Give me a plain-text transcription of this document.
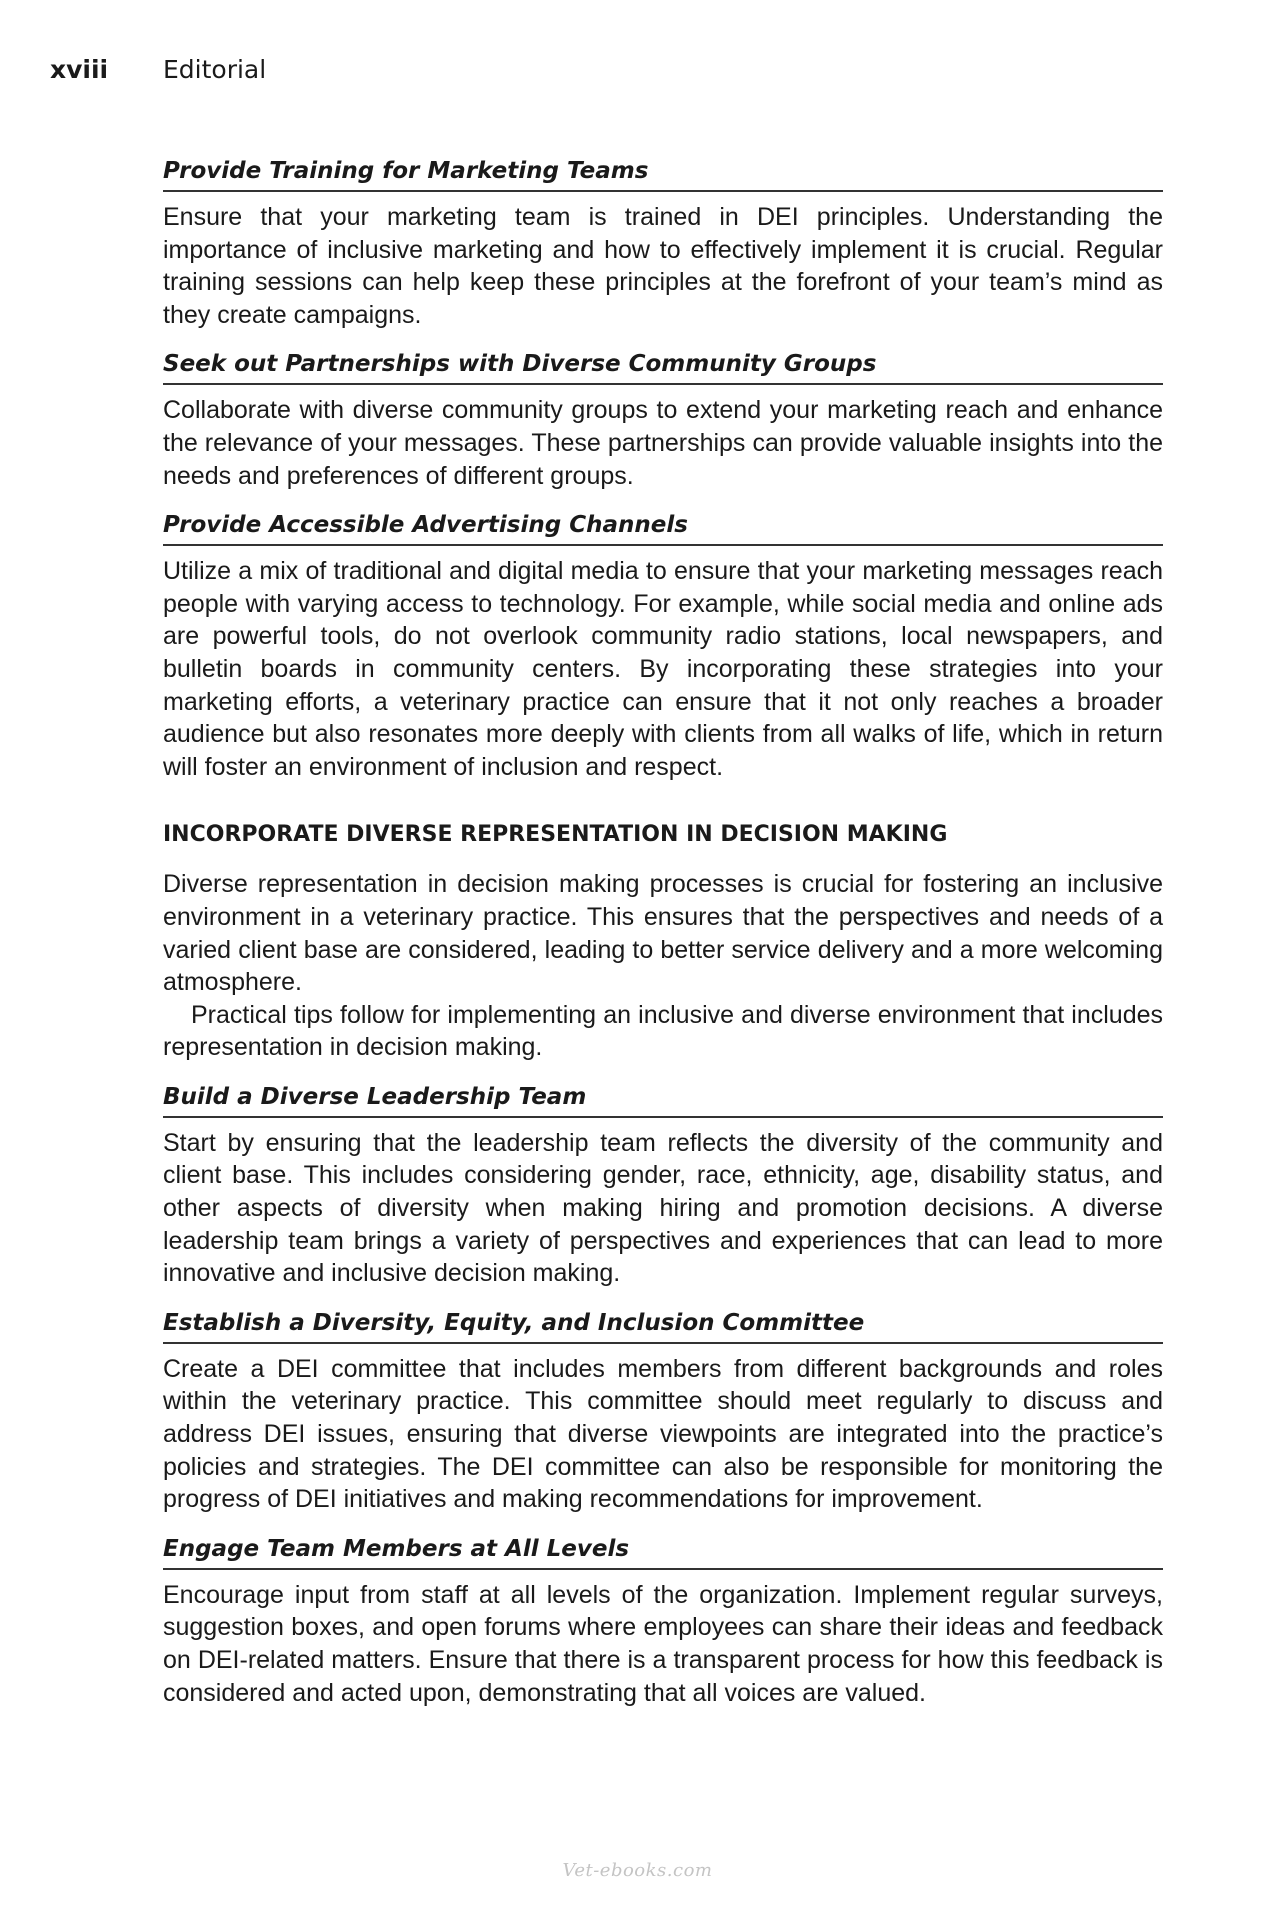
xviii Editorial
Provide Training for Marketing Teams

Ensure that your marketing team is trained in DEI principles. Understanding the importance of inclusive marketing and how to effectively implement it is crucial. Regular training sessions can help keep these principles at the forefront of your team’s mind as they create campaigns.

Seek out Partnerships with Diverse Community Groups

Collaborate with diverse community groups to extend your marketing reach and enhance the relevance of your messages. These partnerships can provide valuable insights into the needs and preferences of different groups.

Provide Accessible Advertising Channels

Utilize a mix of traditional and digital media to ensure that your marketing messages reach people with varying access to technology. For example, while social media and online ads are powerful tools, do not overlook community radio stations, local newspapers, and bulletin boards in community centers. By incorporating these strategies into your marketing efforts, a veterinary practice can ensure that it not only reaches a broader audience but also resonates more deeply with clients from all walks of life, which in return will foster an environment of inclusion and respect.

INCORPORATE DIVERSE REPRESENTATION IN DECISION MAKING

Diverse representation in decision making processes is crucial for fostering an inclusive environment in a veterinary practice. This ensures that the perspectives and needs of a varied client base are considered, leading to better service delivery and a more welcoming atmosphere.

Practical tips follow for implementing an inclusive and diverse environment that includes representation in decision making.

Build a Diverse Leadership Team

Start by ensuring that the leadership team reflects the diversity of the community and client base. This includes considering gender, race, ethnicity, age, disability status, and other aspects of diversity when making hiring and promotion decisions. A diverse leadership team brings a variety of perspectives and experiences that can lead to more innovative and inclusive decision making.

Establish a Diversity, Equity, and Inclusion Committee

Create a DEI committee that includes members from different backgrounds and roles within the veterinary practice. This committee should meet regularly to discuss and address DEI issues, ensuring that diverse viewpoints are integrated into the practice’s policies and strategies. The DEI committee can also be responsible for monitoring the progress of DEI initiatives and making recommendations for improvement.

Engage Team Members at All Levels

Encourage input from staff at all levels of the organization. Implement regular surveys, suggestion boxes, and open forums where employees can share their ideas and feedback on DEI-related matters. Ensure that there is a transparent process for how this feedback is considered and acted upon, demonstrating that all voices are valued.

Vet-ebooks.com
